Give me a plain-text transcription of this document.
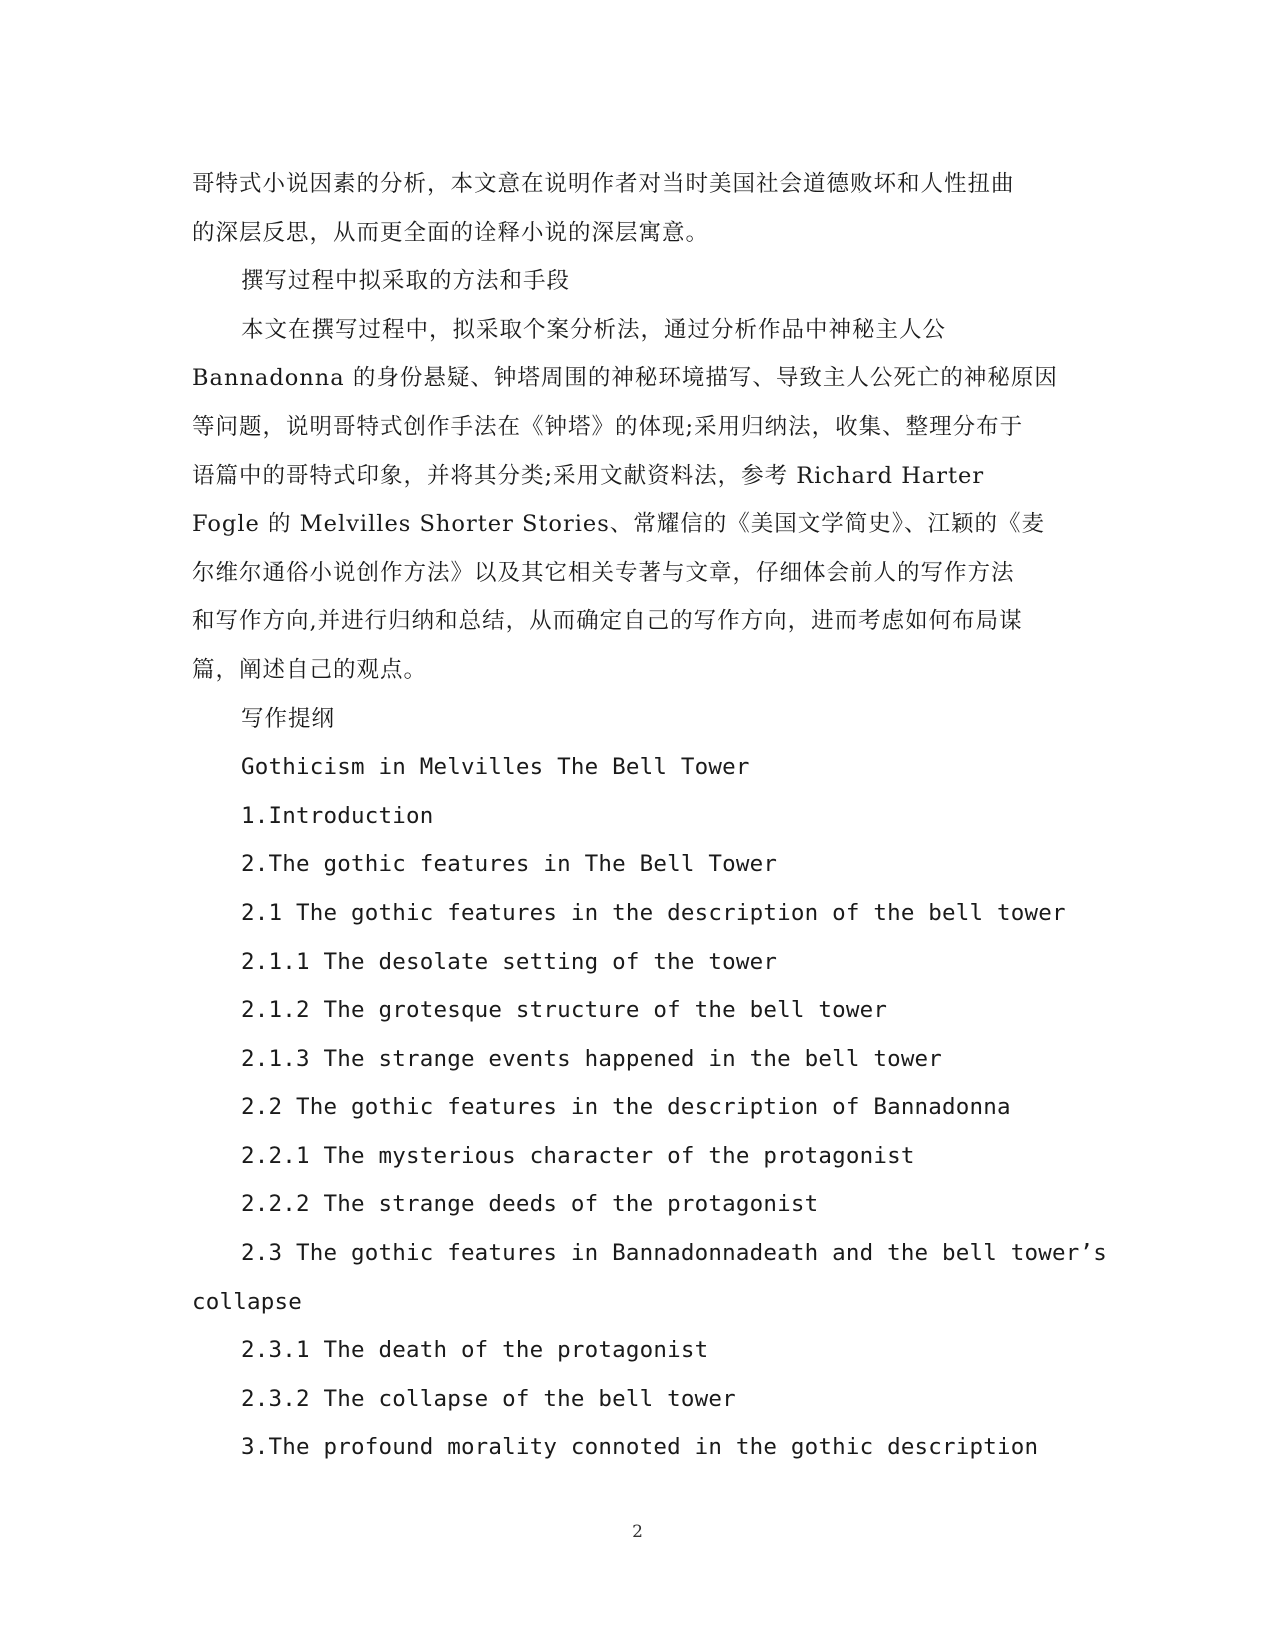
哥特式小说因素的分析，本文意在说明作者对当时美国社会道德败坏和人性扭曲
的深层反思，从而更全面的诠释小说的深层寓意。
撰写过程中拟采取的方法和手段
本文在撰写过程中，拟采取个案分析法，通过分析作品中神秘主人公
Bannadonna 的身份悬疑、钟塔周围的神秘环境描写、导致主人公死亡的神秘原因
等问题，说明哥特式创作手法在《钟塔》的体现;采用归纳法，收集、整理分布于
语篇中的哥特式印象，并将其分类;采用文献资料法，参考 Richard Harter
Fogle 的 Melvilles Shorter Stories、常耀信的《美国文学简史》、江颖的《麦
尔维尔通俗小说创作方法》以及其它相关专著与文章，仔细体会前人的写作方法
和写作方向,并进行归纳和总结，从而确定自己的写作方向，进而考虑如何布局谋
篇，阐述自己的观点。
写作提纲
Gothicism in Melvilles The Bell Tower
1.Introduction
2.The gothic features in The Bell Tower
2.1 The gothic features in the description of the bell tower
2.1.1 The desolate setting of the tower
2.1.2 The grotesque structure of the bell tower
2.1.3 The strange events happened in the bell tower
2.2 The gothic features in the description of Bannadonna
2.2.1 The mysterious character of the protagonist
2.2.2 The strange deeds of the protagonist
2.3 The gothic features in Bannadonnadeath and the bell tower’s
collapse
2.3.1 The death of the protagonist
2.3.2 The collapse of the bell tower
3.The profound morality connoted in the gothic description
2
